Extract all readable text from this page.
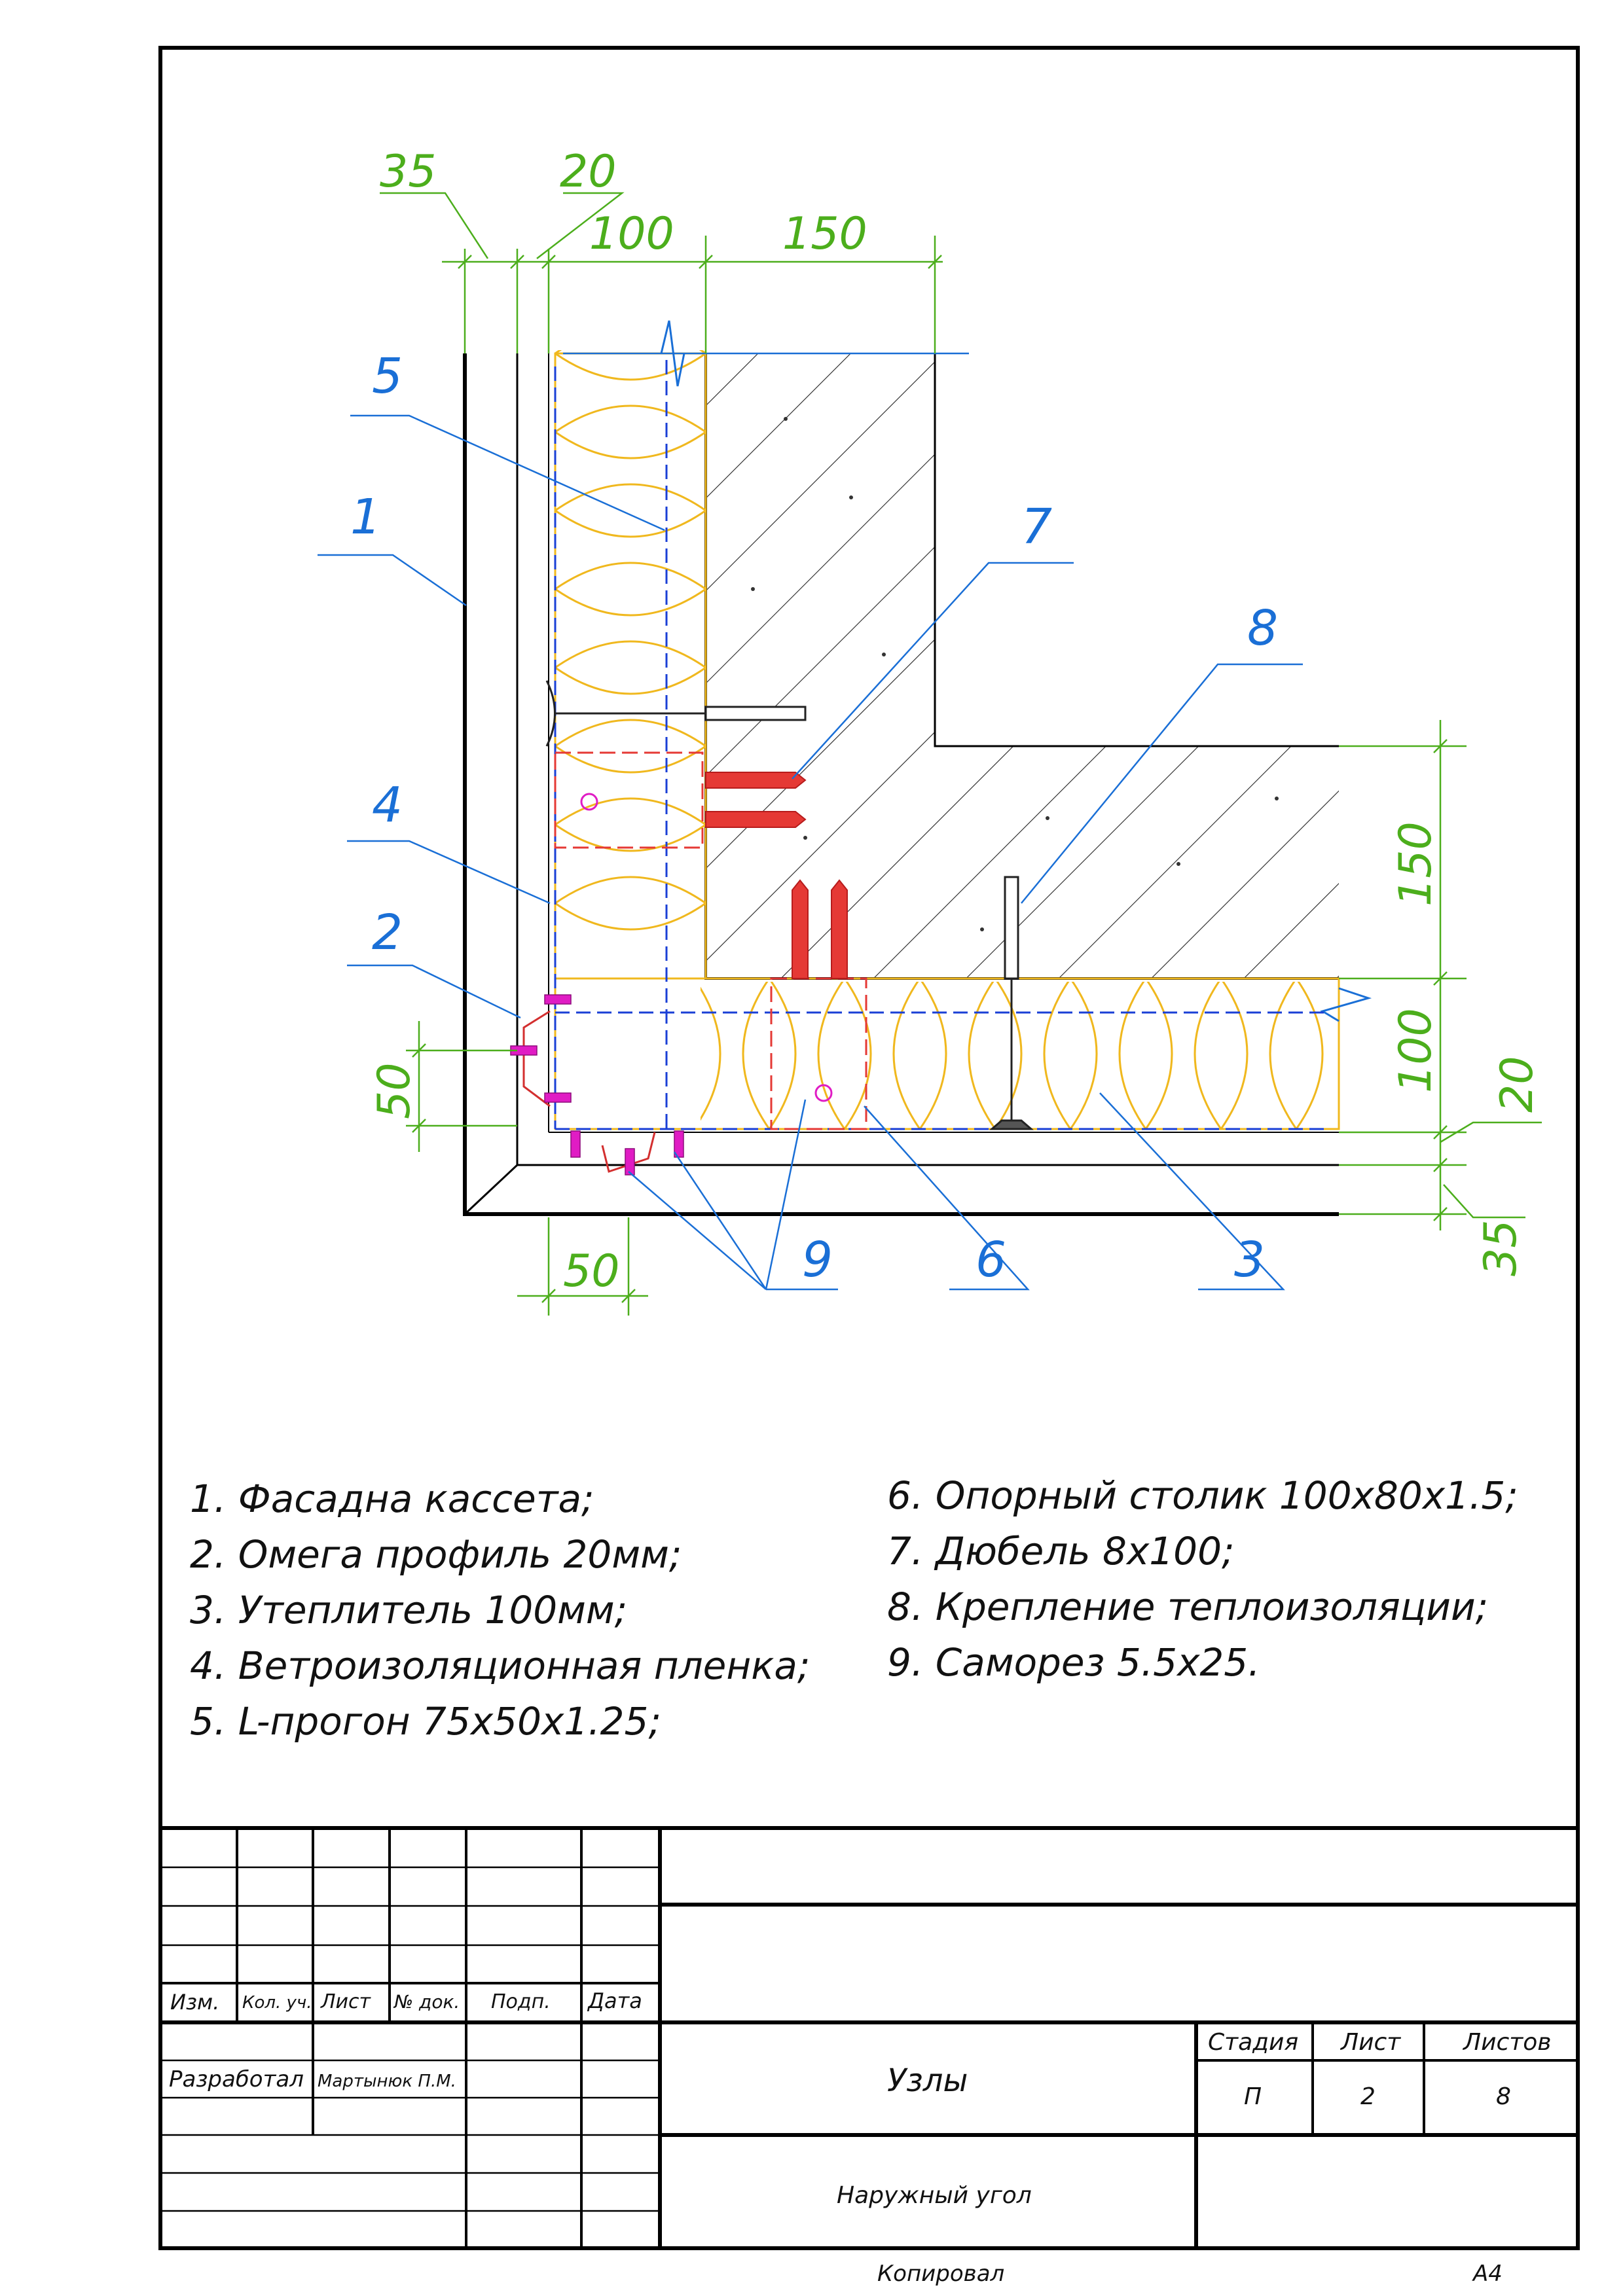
35	20
100 150
150
100 20
35
50
50
5
1	7
8
4
2
9	6	3
1. Фасадна кассета;
2. Омега профиль 20мм;
3. Утеплитель 100мм;
4. Ветроизоляционная пленка;
5. L-прогон 75х50х1.25;
6. Опорный столик 100х80х1.5;
7. Дюбель 8х100;
8. Крепление теплоизоляции;
9. Саморез 5.5х25.
Изм. Кол. уч. Лист № док. Подп. Дата
Разработал Мартынюк П.М.	Узлы
Наружный угол
Стадия Лист	Листов
П	2	8
Копировал	А4
